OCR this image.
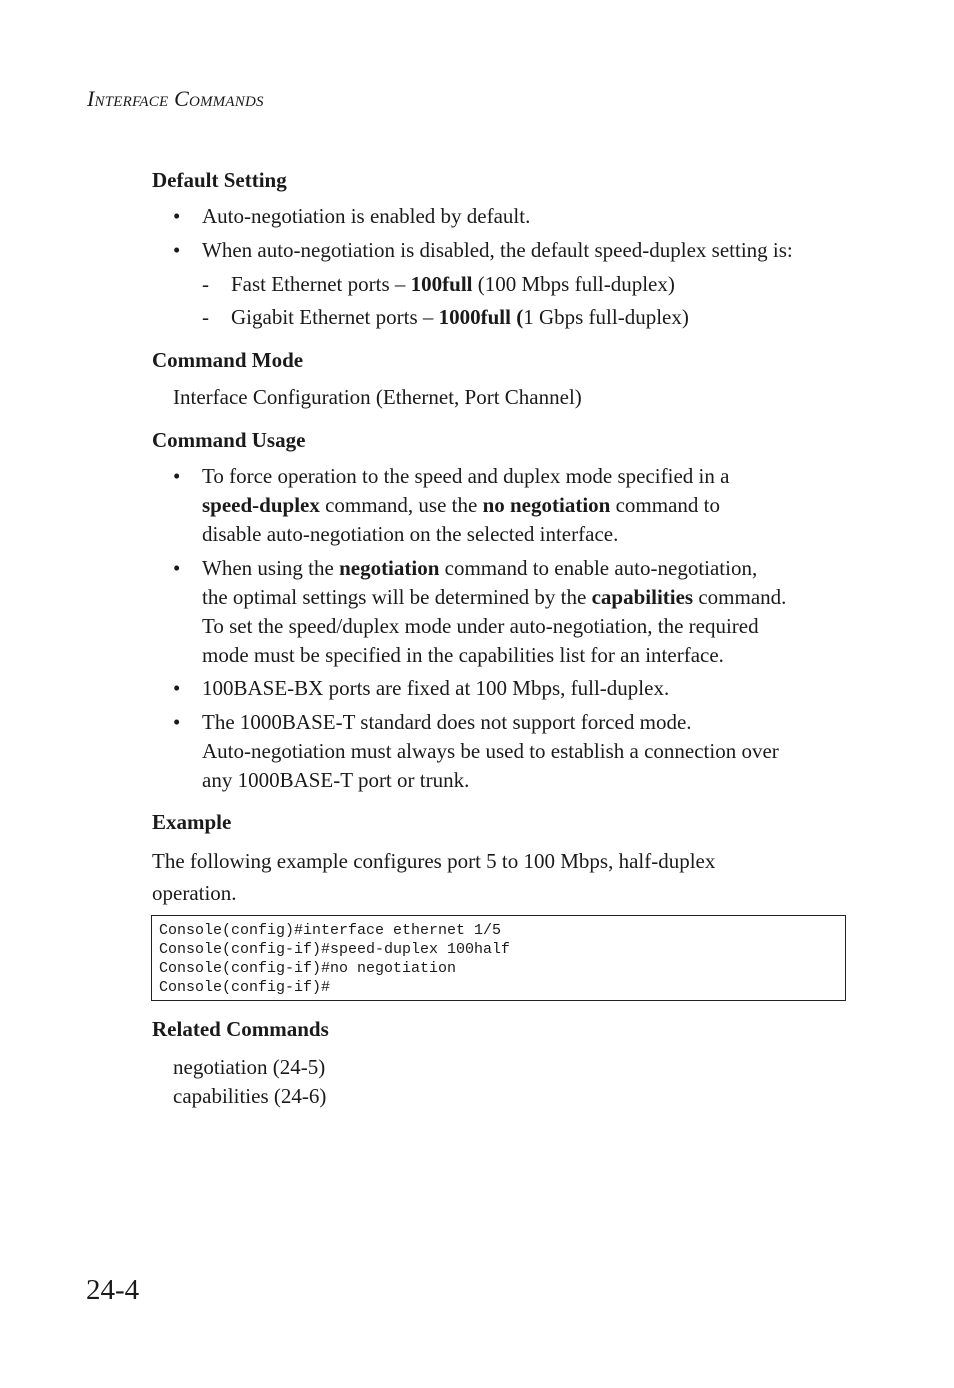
INTERFACE COMMANDS
Default Setting
• Auto-negotiation is enabled by default.
• When auto-negotiation is disabled, the default speed-duplex setting is:
- Fast Ethernet ports – 100full (100 Mbps full-duplex)
- Gigabit Ethernet ports – 1000full (1 Gbps full-duplex)
Command Mode
Interface Configuration (Ethernet, Port Channel)
Command Usage
• To force operation to the speed and duplex mode specified in a
speed-duplex command, use the no negotiation command to
disable auto-negotiation on the selected interface.
• When using the negotiation command to enable auto-negotiation,
the optimal settings will be determined by the capabilities command.
To set the speed/duplex mode under auto-negotiation, the required
mode must be specified in the capabilities list for an interface.
• 100BASE-BX ports are fixed at 100 Mbps, full-duplex.
• The 1000BASE-T standard does not support forced mode.
Auto-negotiation must always be used to establish a connection over
any 1000BASE-T port or trunk.
Example
The following example configures port 5 to 100 Mbps, half-duplex
operation.
Console(config)#interface ethernet 1/5
Console(config-if)#speed-duplex 100half
Console(config-if)#no negotiation
Console(config-if)#
Related Commands
negotiation (24-5)
capabilities (24-6)
24-4
